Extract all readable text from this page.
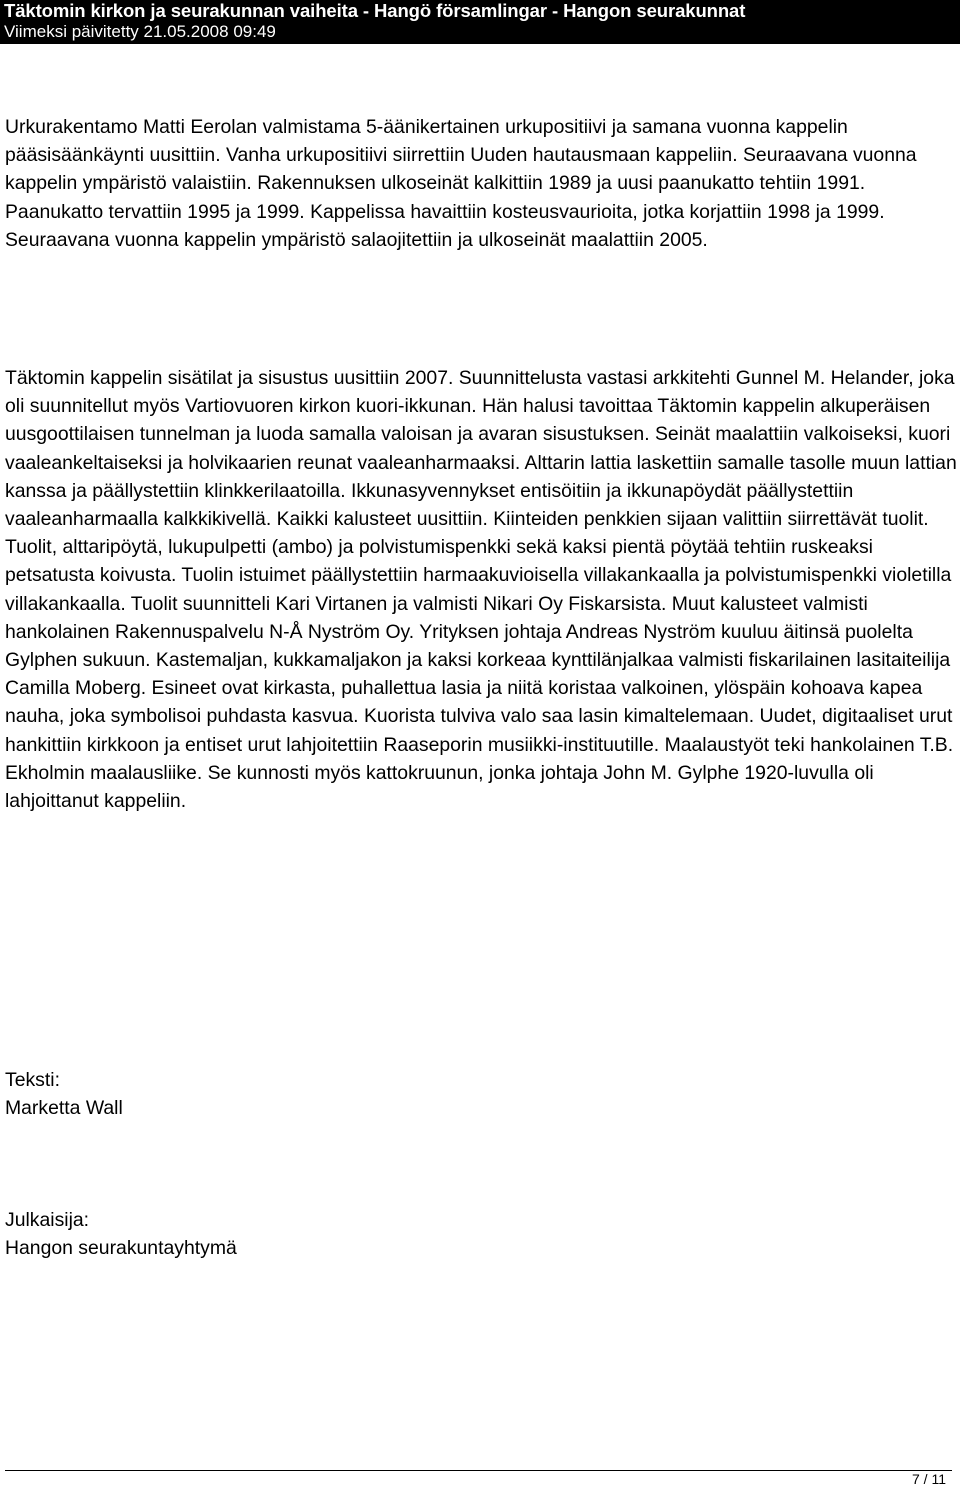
Täktomin kirkon ja seurakunnan vaiheita - Hangö församlingar - Hangon seurakunnat
Viimeksi päivitetty 21.05.2008 09:49
Urkurakentamo Matti Eerolan valmistama 5-äänikertainen urkupositiivi ja samana vuonna kappelin pääsisäänkäynti uusittiin. Vanha urkupositiivi siirrettiin Uuden hautausmaan kappeliin. Seuraavana vuonna kappelin ympäristö valaistiin. Rakennuksen ulkoseinät kalkittiin 1989 ja uusi paanukatto tehtiin 1991. Paanukatto tervattiin 1995 ja 1999. Kappelissa havaittiin kosteusvaurioita, jotka korjattiin 1998 ja 1999. Seuraavana vuonna kappelin ympäristö salaojitettiin ja ulkoseinät maalattiin 2005.
Täktomin kappelin sisätilat ja sisustus uusittiin 2007. Suunnittelusta vastasi arkkitehti Gunnel M. Helander, joka oli suunnitellut myös Vartiovuoren kirkon kuori-ikkunan. Hän halusi tavoittaa Täktomin kappelin alkuperäisen uusgoottilaisen tunnelman ja luoda samalla valoisan ja avaran sisustuksen. Seinät maalattiin valkoiseksi, kuori vaaleankeltaiseksi ja holvikaarien reunat vaaleanharmaaksi. Alttarin lattia laskettiin samalle tasolle muun lattian kanssa ja päällystettiin klinkkerilaatoilla. Ikkunasyvennykset entisöitiin ja ikkunapöydät päällystettiin vaaleanharmaalla kalkkikivellä. Kaikki kalusteet uusittiin. Kiinteiden penkkien sijaan valittiin siirrettävät tuolit. Tuolit, alttaripöytä, lukupulpetti (ambo) ja polvistumispenkki sekä kaksi pientä pöytää tehtiin ruskeaksi petsatusta koivusta. Tuolin istuimet päällystettiin harmaakuvioisella villakankaalla ja polvistumispenkki violetilla villakankaalla. Tuolit suunnitteli Kari Virtanen ja valmisti Nikari Oy Fiskarsista. Muut kalusteet valmisti hankolainen Rakennuspalvelu N-Å Nyström Oy. Yrityksen johtaja Andreas Nyström kuuluu äitinsä puolelta Gylphen sukuun. Kastemaljan, kukkamaljakon ja kaksi korkeaa kynttilänjalkaa valmisti fiskarilainen lasitaiteilija Camilla Moberg. Esineet ovat kirkasta, puhallettua lasia ja niitä koristaa valkoinen, ylöspäin kohoava kapea nauha, joka symbolisoi puhdasta kasvua. Kuorista tulviva valo saa lasin kimaltelemaan. Uudet, digitaaliset urut hankittiin kirkkoon ja entiset urut lahjoitettiin Raaseporin musiikki-instituutille. Maalaustyöt teki hankolainen T.B. Ekholmin maalausliike. Se kunnosti myös kattokruunun, jonka johtaja John M. Gylphe 1920-luvulla oli lahjoittanut kappeliin.
Teksti:
Marketta Wall
Julkaisija:
Hangon seurakuntayhtymä
7 / 11
